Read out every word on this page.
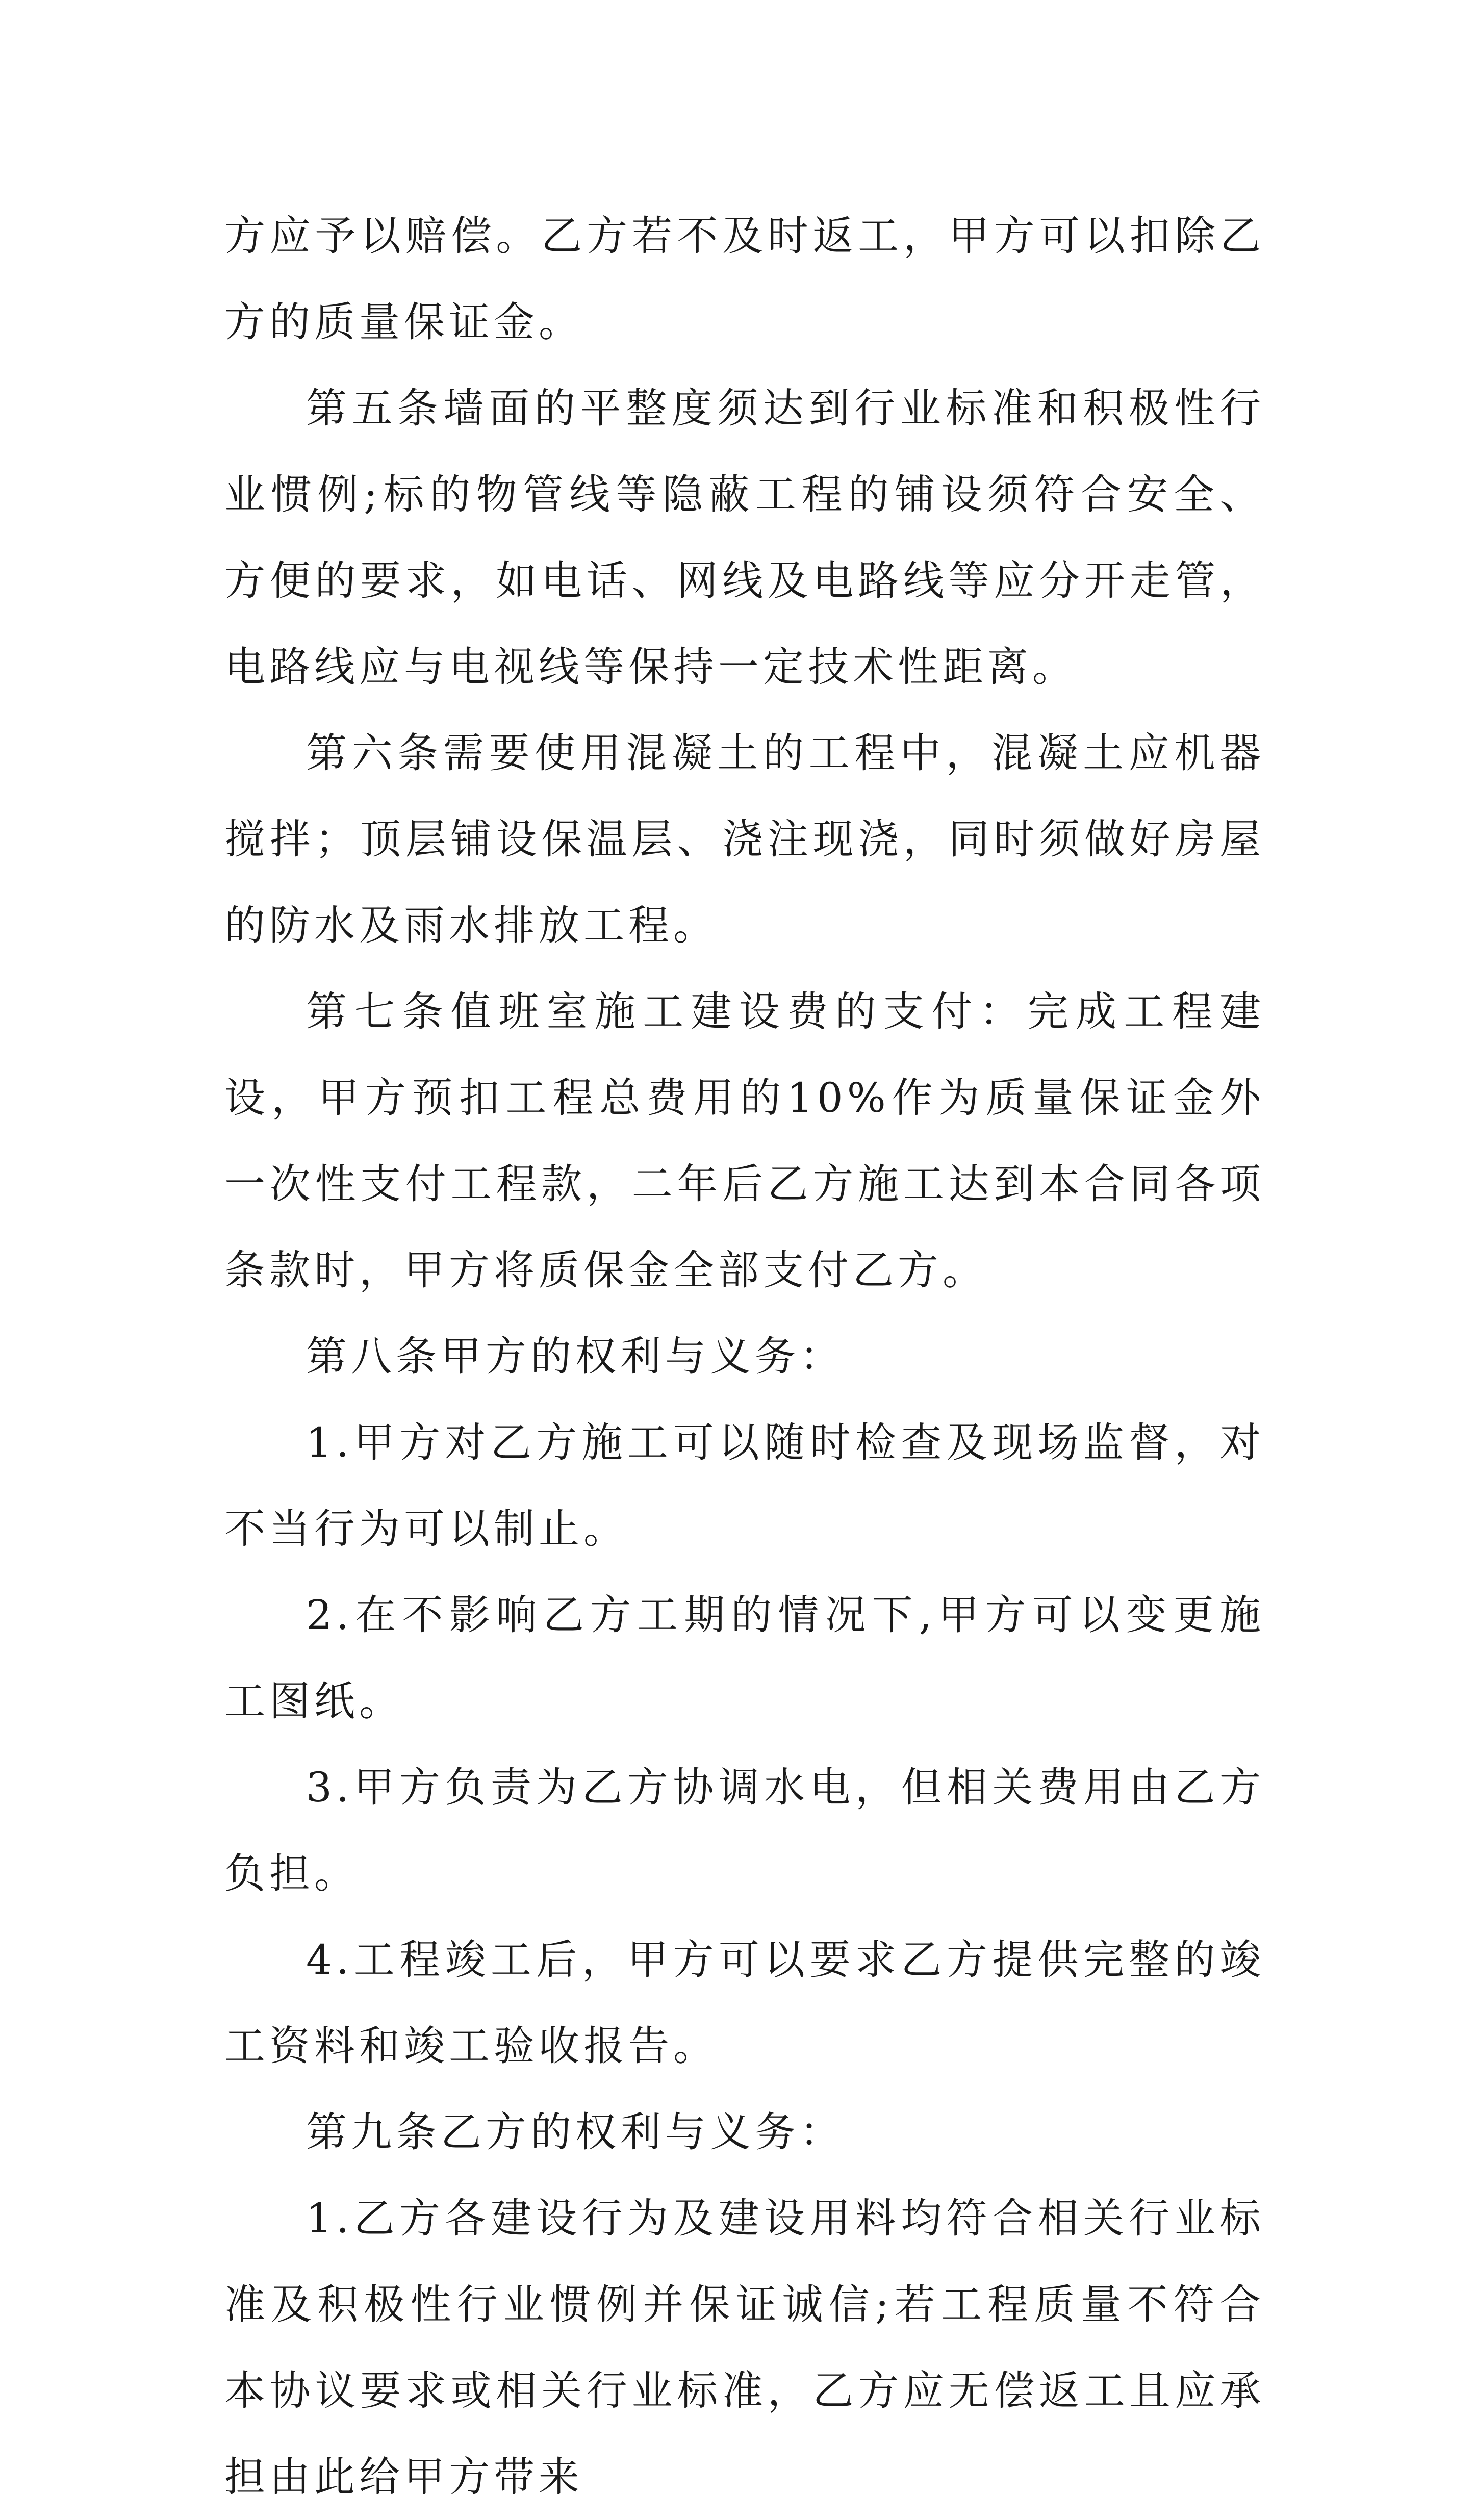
方应予以赔偿。乙方若不及时返工，甲方可以扣除乙方的质量保证金。

第五条墙面的平整度须达到行业标准和积极性行业惯例;标的物管线等隐蔽工程的铺设须符合安全、方便的要求，如电话、网线及电路线等应分开走管，电路线应与电视线等保持一定技术性距离。

第六条需要使用混凝土的工程中，混凝土应机器搅拌；顶层铺设保温层、浇注现浇，同时须做好房屋的防水及雨水排放工程。

第七条值班室施工建设费的支付：完成工程建设，甲方预扣工程总费用的10%作为质量保证金外一次性支付工程款，二年后乙方施工达到本合同各项条款时，甲方将质保金全部支付乙方。

第八条甲方的权利与义务：

1.甲方对乙方施工可以随时检查及现场监督，对不当行为可以制止。

2.在不影响乙方工期的情况下,甲方可以变更施工图纸。

3.甲方负责为乙方协调水电，但相关费用由乙方负担。

4.工程竣工后，甲方可以要求乙方提供完整的竣工资料和竣工验收报告。

第九条乙方的权利与义务：

1.乙方各建设行为及建设用料均符合相关行业标准及积极性行业惯例并保证诚信;若工程质量不符合本协议要求或相关行业标准，乙方应无偿返工且应承担由此给甲方带来
